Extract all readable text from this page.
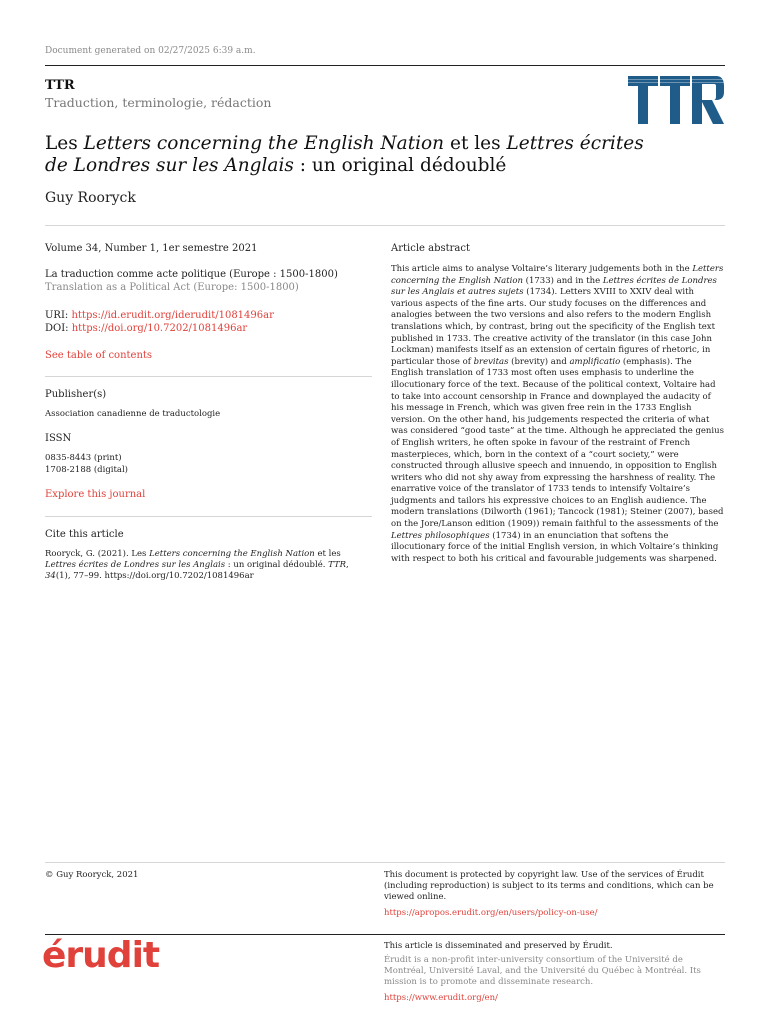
Document generated on 02/27/2025 6:39 a.m.
TTR
Traduction, terminologie, rédaction
Les Letters concerning the English Nation et les Lettres écrites de Londres sur les Anglais : un original dédoublé
Guy Rooryck
Volume 34, Number 1, 1er semestre 2021
La traduction comme acte politique (Europe : 1500-1800)
Translation as a Political Act (Europe: 1500-1800)
URI: https://id.erudit.org/iderudit/1081496ar
DOI: https://doi.org/10.7202/1081496ar
See table of contents
Publisher(s)
Association canadienne de traductologie
ISSN
0835-8443 (print)
1708-2188 (digital)
Explore this journal
Cite this article
Rooryck, G. (2021). Les Letters concerning the English Nation et les Lettres écrites de Londres sur les Anglais : un original dédoublé. TTR, 34(1), 77–99. https://doi.org/10.7202/1081496ar
Article abstract
This article aims to analyse Voltaire’s literary judgements both in the Letters concerning the English Nation (1733) and in the Lettres écrites de Londres sur les Anglais et autres sujets (1734). Letters XVIII to XXIV deal with various aspects of the fine arts. Our study focuses on the differences and analogies between the two versions and also refers to the modern English translations which, by contrast, bring out the specificity of the English text published in 1733. The creative activity of the translator (in this case John Lockman) manifests itself as an extension of certain figures of rhetoric, in particular those of brevitas (brevity) and amplificatio (emphasis). The English translation of 1733 most often uses emphasis to underline the illocutionary force of the text. Because of the political context, Voltaire had to take into account censorship in France and downplayed the audacity of his message in French, which was given free rein in the 1733 English version. On the other hand, his judgements respected the criteria of what was considered “good taste” at the time. Although he appreciated the genius of English writers, he often spoke in favour of the restraint of French masterpieces, which, born in the context of a “court society,” were constructed through allusive speech and innuendo, in opposition to English writers who did not shy away from expressing the harshness of reality. The enarrative voice of the translator of 1733 tends to intensify Voltaire’s judgments and tailors his expressive choices to an English audience. The modern translations (Dilworth (1961); Tancock (1981); Steiner (2007), based on the Jore/Lanson edition (1909)) remain faithful to the assessments of the Lettres philosophiques (1734) in an enunciation that softens the illocutionary force of the initial English version, in which Voltaire’s thinking with respect to both his critical and favourable judgements was sharpened.
© Guy Rooryck, 2021	This document is protected by copyright law. Use of the services of Érudit (including reproduction) is subject to its terms and conditions, which can be viewed online.
https://apropos.erudit.org/en/users/policy-on-use/
érudit	This article is disseminated and preserved by Érudit.
Érudit is a non-profit inter-university consortium of the Université de Montréal, Université Laval, and the Université du Québec à Montréal. Its mission is to promote and disseminate research.
https://www.erudit.org/en/
